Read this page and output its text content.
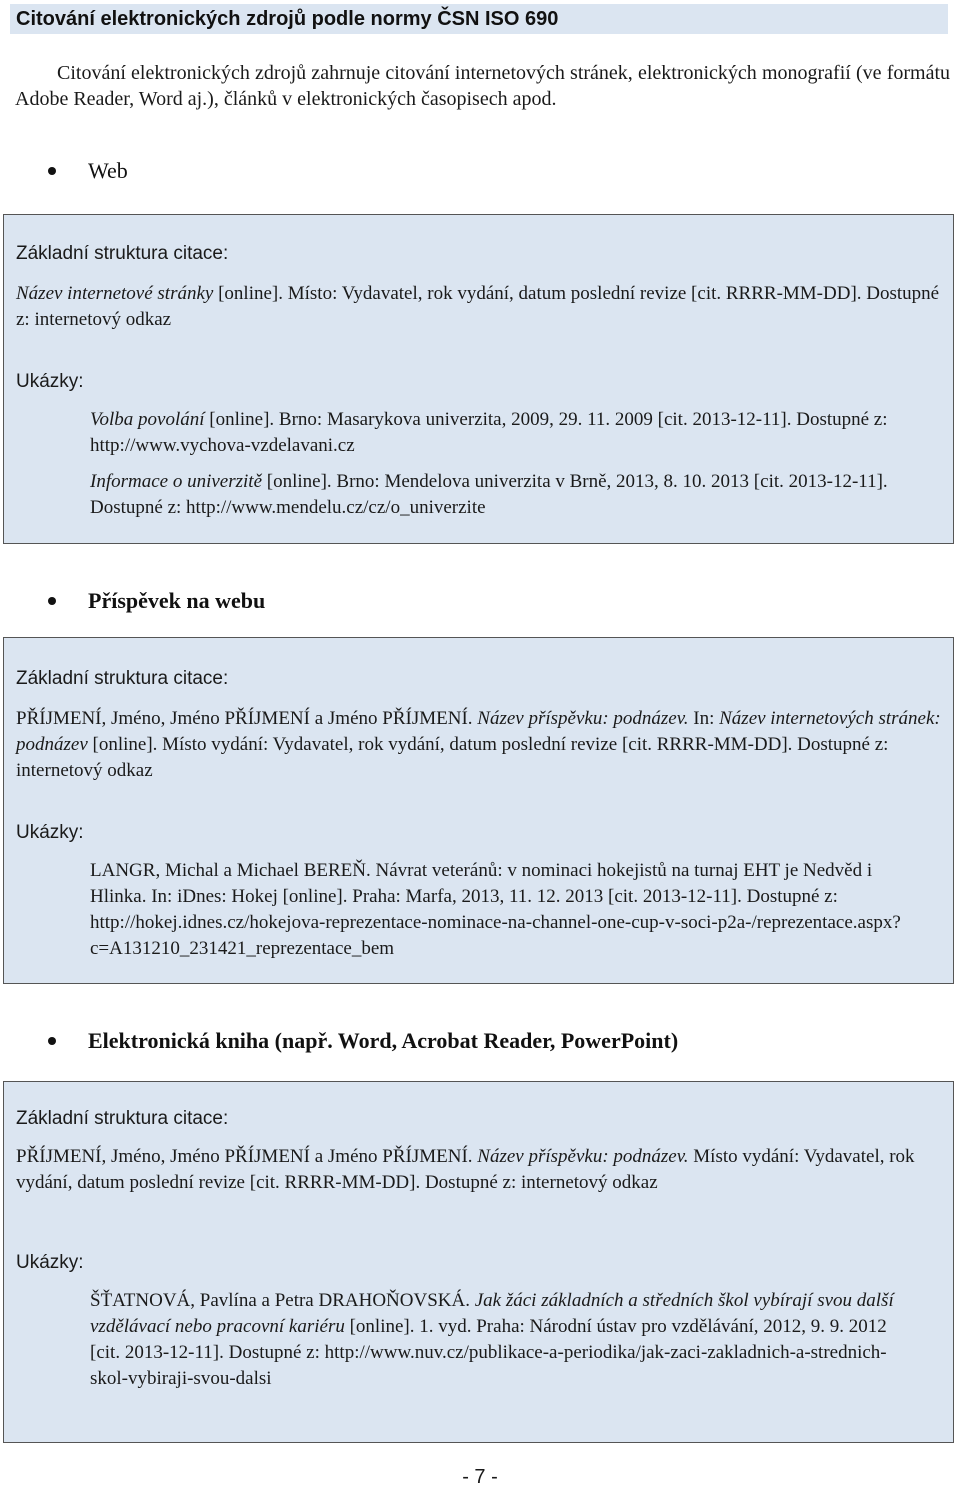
Citování elektronických zdrojů podle normy ČSN ISO 690
Citování elektronických zdrojů zahrnuje citování internetových stránek, elektronických monografií (ve formátu Adobe Reader, Word aj.), článků v elektronických časopisech apod.
Web
Základní struktura citace:
Název internetové stránky [online]. Místo: Vydavatel, rok vydání, datum poslední revize [cit. RRRR-MM-DD]. Dostupné z: internetový odkaz
Ukázky:
Volba povolání [online]. Brno: Masarykova univerzita, 2009, 29. 11. 2009 [cit. 2013-12-11]. Dostupné z: http://www.vychova-vzdelavani.cz
Informace o univerzitě [online]. Brno: Mendelova univerzita v Brně, 2013, 8. 10. 2013 [cit. 2013-12-11]. Dostupné z: http://www.mendelu.cz/cz/o_univerzite
Příspěvek na webu
Základní struktura citace:
PŘÍJMENÍ, Jméno, Jméno PŘÍJMENÍ a Jméno PŘÍJMENÍ. Název příspěvku: podnázev. In: Název internetových stránek: podnázev [online]. Místo vydání: Vydavatel, rok vydání, datum poslední revize [cit. RRRR-MM-DD]. Dostupné z: internetový odkaz
Ukázky:
LANGR, Michal a Michael BEREŇ. Návrat veteránů: v nominaci hokejistů na turnaj EHT je Nedvěd i Hlinka. In: iDnes: Hokej [online]. Praha: Marfa, 2013, 11. 12. 2013 [cit. 2013-12-11]. Dostupné z: http://hokej.idnes.cz/hokejova-reprezentace-nominace-na-channel-one-cup-v-soci-p2a-/reprezentace.aspx?c=A131210_231421_reprezentace_bem
Elektronická kniha (např. Word, Acrobat Reader, PowerPoint)
Základní struktura citace:
PŘÍJMENÍ, Jméno, Jméno PŘÍJMENÍ a Jméno PŘÍJMENÍ. Název příspěvku: podnázev. Místo vydání: Vydavatel, rok vydání, datum poslední revize [cit. RRRR-MM-DD]. Dostupné z: internetový odkaz
Ukázky:
ŠŤATNOVÁ, Pavlína a Petra DRAHOŇOVSKÁ. Jak žáci základních a středních škol vybírají svou další vzdělávací nebo pracovní kariéru [online]. 1. vyd. Praha: Národní ústav pro vzdělávání, 2012, 9. 9. 2012 [cit. 2013-12-11]. Dostupné z: http://www.nuv.cz/publikace-a-periodika/jak-zaci-zakladnich-a-strednich-skol-vybiraji-svou-dalsi
- 7 -
